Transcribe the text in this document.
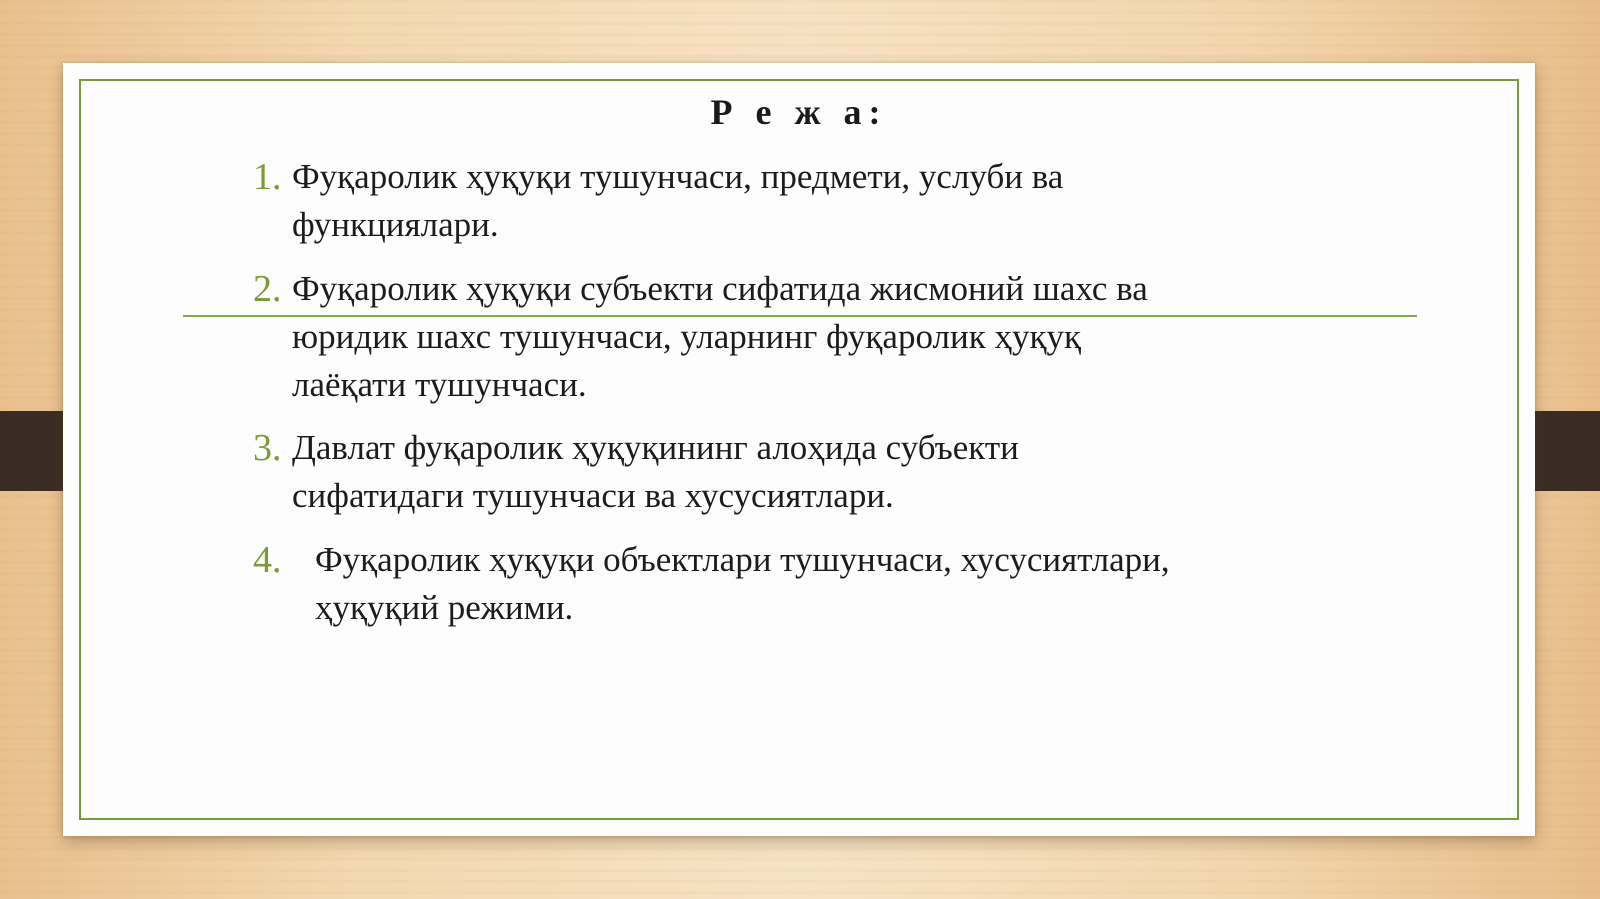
Р е ж а:
1. Фуқаролик ҳуқуқи тушунчаси, предмети, услуби ва
функциялари.
2. Фуқаролик ҳуқуқи субъекти сифатида жисмоний шахс ва
юридик шахс тушунчаси, уларнинг фуқаролик ҳуқуқ
лаёқати тушунчаси.
3. Давлат фуқаролик ҳуқуқининг алоҳида субъекти
сифатидаги тушунчаси ва хусусиятлари.
4. Фуқаролик ҳуқуқи объектлари тушунчаси, хусусиятлари,
ҳуқуқий режими.
